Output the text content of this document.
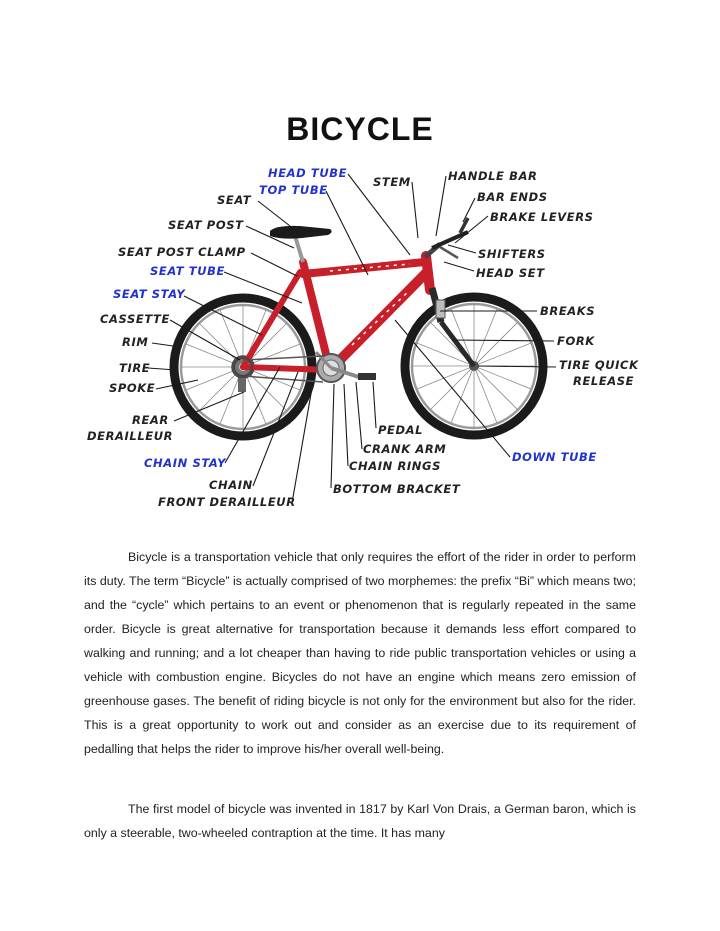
BICYCLE
HEAD TUBE
TOP TUBE
SEAT
SEAT POST
SEAT POST CLAMP
SEAT TUBE
SEAT STAY
CASSETTE
RIM
TIRE
SPOKE
REAR
DERAILLEUR
CHAIN STAY
CHAIN
FRONT DERAILLEUR
STEM	HANDLE BAR
BAR ENDS
BRAKE LEVERS
SHIFTERS
HEAD SET
BREAKS
FORK
TIRE QUICK
RELEASE
PEDAL
CRANK ARM
CHAIN RINGS
BOTTOM BRACKET
DOWN TUBE

Bicycle is a transportation vehicle that only requires the effort of the rider in order to perform its duty. The term “Bicycle” is actually comprised of two morphemes: the prefix “Bi” which means two; and the “cycle” which pertains to an event or phenomenon that is regularly repeated in the same order. Bicycle is great alternative for transportation because it demands less effort compared to walking and running; and a lot cheaper than having to ride public transportation vehicles or using a vehicle with combustion engine. Bicycles do not have an engine which means zero emission of greenhouse gases. The benefit of riding bicycle is not only for the environment but also for the rider. This is a great opportunity to work out and consider as an exercise due to its requirement of pedalling that helps the rider to improve his/her overall well-being.

The first model of bicycle was invented in 1817 by Karl Von Drais, a German baron, which is only a steerable, two-wheeled contraption at the time. It has many
